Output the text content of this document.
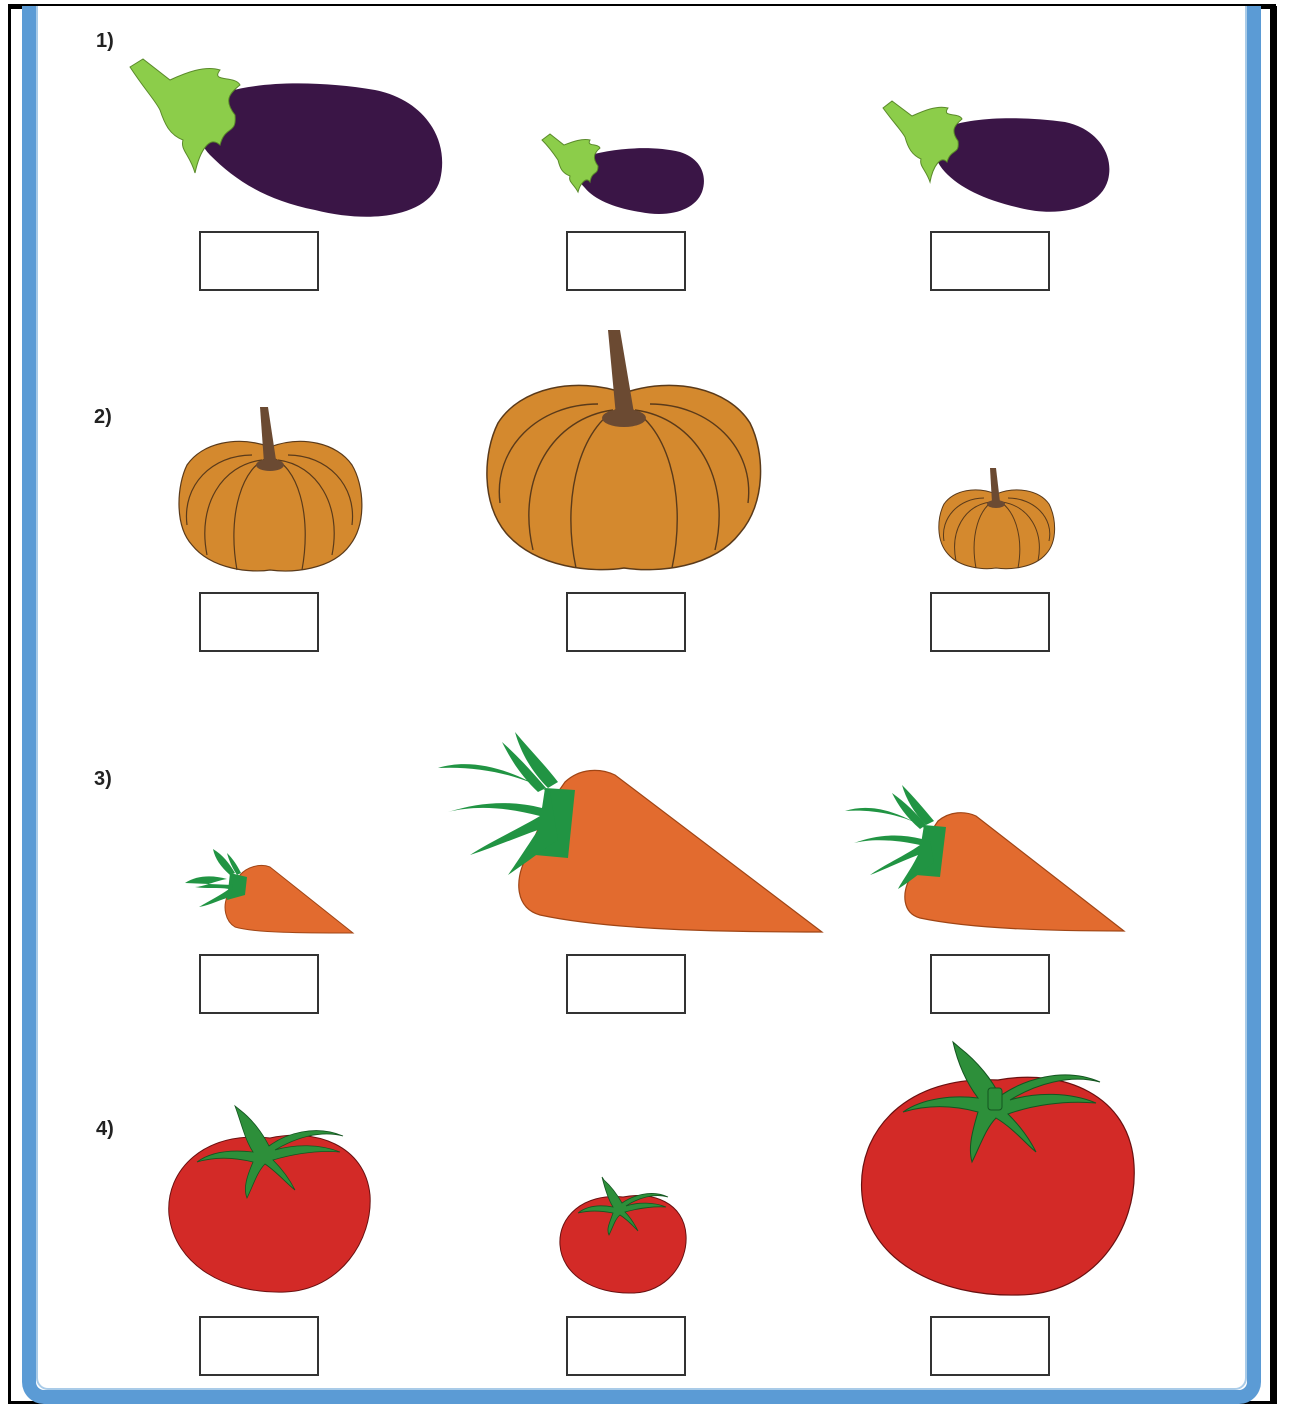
1)
2)
3)
4)
